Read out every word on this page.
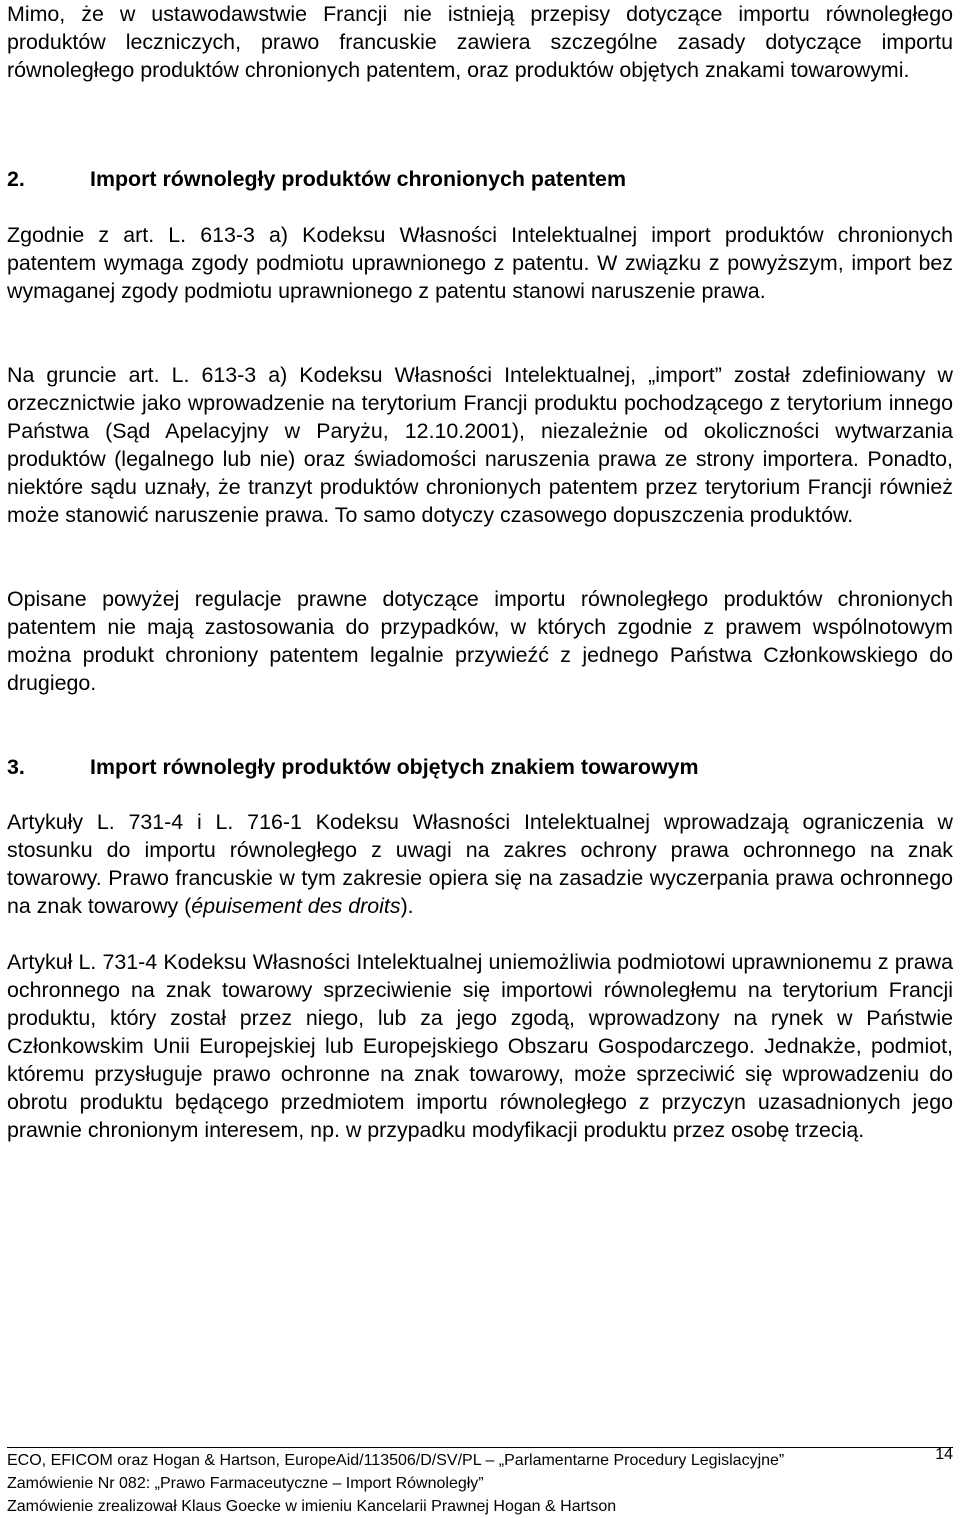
Mimo, że w ustawodawstwie Francji nie istnieją przepisy dotyczące importu równoległego produktów leczniczych, prawo francuskie zawiera szczególne zasady dotyczące importu równoległego produktów chronionych patentem, oraz produktów objętych znakami towarowymi.

2.	Import równoległy produktów chronionych patentem

Zgodnie z art. L. 613-3 a) Kodeksu Własności Intelektualnej import produktów chronionych patentem wymaga zgody podmiotu uprawnionego z patentu. W związku z powyższym, import bez wymaganej zgody podmiotu uprawnionego z patentu stanowi naruszenie prawa.

Na gruncie art. L. 613-3 a) Kodeksu Własności Intelektualnej, „import” został zdefiniowany w orzecznictwie jako wprowadzenie na terytorium Francji produktu pochodzącego z terytorium innego Państwa (Sąd Apelacyjny w Paryżu, 12.10.2001), niezależnie od okoliczności wytwarzania produktów (legalnego lub nie) oraz świadomości naruszenia prawa ze strony importera. Ponadto, niektóre sądu uznały, że tranzyt produktów chronionych patentem przez terytorium Francji również może stanowić naruszenie prawa. To samo dotyczy czasowego dopuszczenia produktów.

Opisane powyżej regulacje prawne dotyczące importu równoległego produktów chronionych patentem nie mają zastosowania do przypadków, w których zgodnie z prawem wspólnotowym można produkt chroniony patentem legalnie przywieźć z jednego Państwa Członkowskiego do drugiego.

3.	Import równoległy produktów objętych znakiem towarowym

Artykuły L. 731-4 i L. 716-1 Kodeksu Własności Intelektualnej wprowadzają ograniczenia w stosunku do importu równoległego z uwagi na zakres ochrony prawa ochronnego na znak towarowy. Prawo francuskie w tym zakresie opiera się na zasadzie wyczerpania prawa ochronnego na znak towarowy (épuisement des droits).

Artykuł L. 731-4 Kodeksu Własności Intelektualnej uniemożliwia podmiotowi uprawnionemu z prawa ochronnego na znak towarowy sprzeciwienie się importowi równoległemu na terytorium Francji produktu, który został przez niego, lub za jego zgodą, wprowadzony na rynek w Państwie Członkowskim Unii Europejskiej lub Europejskiego Obszaru Gospodarczego. Jednakże, podmiot, któremu przysługuje prawo ochronne na znak towarowy, może sprzeciwić się wprowadzeniu do obrotu produktu będącego przedmiotem importu równoległego z przyczyn uzasadnionych jego prawnie chronionym interesem, np. w przypadku modyfikacji produktu przez osobę trzecią.

ECO, EFICOM oraz Hogan & Hartson, EuropeAid/113506/D/SV/PL – „Parlamentarne Procedury Legislacyjne”	14
Zamówienie Nr 082: „Prawo Farmaceutyczne – Import Równoległy”
Zamówienie zrealizował Klaus Goecke w imieniu Kancelarii Prawnej Hogan & Hartson
